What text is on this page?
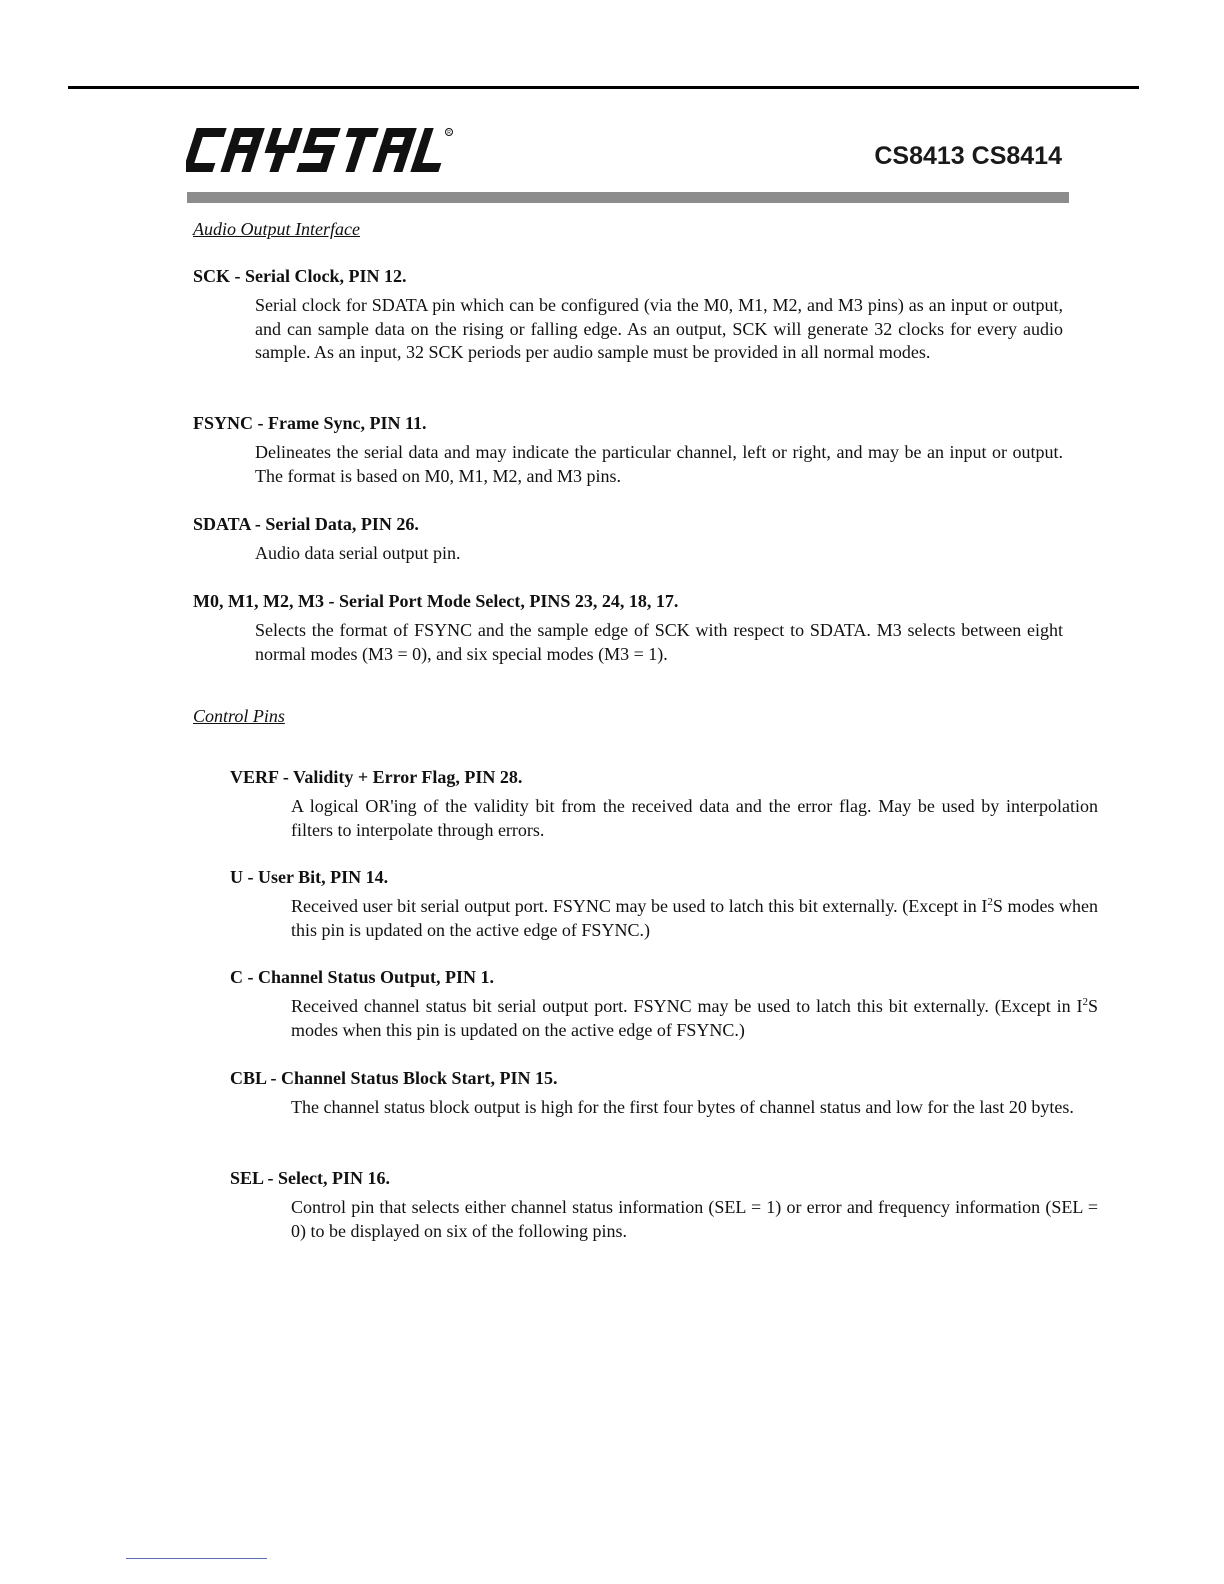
R
CS8413 CS8414
Audio Output Interface
SCK - Serial Clock, PIN 12.

Serial clock for SDATA pin which can be configured (via the M0, M1, M2, and M3 pins) as an input or output, and can sample data on the rising or falling edge. As an output, SCK will generate 32 clocks for every audio sample. As an input, 32 SCK periods per audio sample must be provided in all normal modes.

FSYNC - Frame Sync, PIN 11.

Delineates the serial data and may indicate the particular channel, left or right, and may be an input or output. The format is based on M0, M1, M2, and M3 pins.

SDATA - Serial Data, PIN 26.

Audio data serial output pin.

M0, M1, M2, M3 - Serial Port Mode Select, PINS 23, 24, 18, 17.

Selects the format of FSYNC and the sample edge of SCK with respect to SDATA. M3 selects between eight normal modes (M3 = 0), and six special modes (M3 = 1).

Control Pins
VERF - Validity + Error Flag, PIN 28.

A logical OR'ing of the validity bit from the received data and the error flag. May be used by interpolation filters to interpolate through errors.

U - User Bit, PIN 14.

Received user bit serial output port. FSYNC may be used to latch this bit externally. (Except in $I^2S$ modes when this pin is updated on the active edge of FSYNC.)

C - Channel Status Output, PIN 1.

Received channel status bit serial output port. FSYNC may be used to latch this bit externally. (Except in $I^2S$ modes when this pin is updated on the active edge of FSYNC.)

CBL - Channel Status Block Start, PIN 15.

The channel status block output is high for the first four bytes of channel status and low for the last 20 bytes.

SEL - Select, PIN 16.

Control pin that selects either channel status information (SEL = 1) or error and frequency information (SEL = 0) to be displayed on six of the following pins.
